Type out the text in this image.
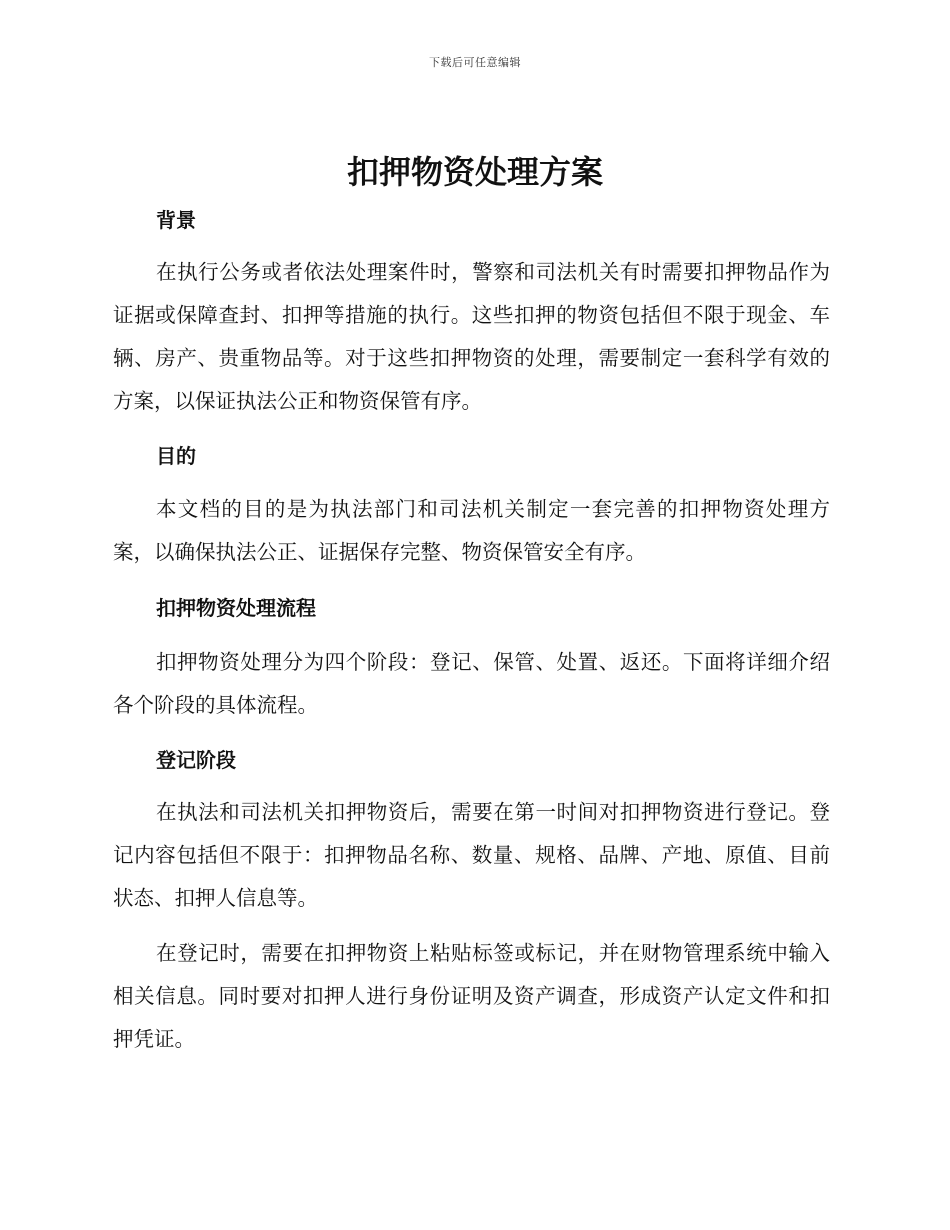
下载后可任意编辑
扣押物资处理方案
背景

在执行公务或者依法处理案件时，警察和司法机关有时需要扣押物品作为证据或保障查封、扣押等措施的执行。这些扣押的物资包括但不限于现金、车辆、房产、贵重物品等。对于这些扣押物资的处理，需要制定一套科学有效的方案，以保证执法公正和物资保管有序。

目的

本文档的目的是为执法部门和司法机关制定一套完善的扣押物资处理方案，以确保执法公正、证据保存完整、物资保管安全有序。

扣押物资处理流程

扣押物资处理分为四个阶段：登记、保管、处置、返还。下面将详细介绍各个阶段的具体流程。

登记阶段

在执法和司法机关扣押物资后，需要在第一时间对扣押物资进行登记。登记内容包括但不限于：扣押物品名称、数量、规格、品牌、产地、原值、目前状态、扣押人信息等。

在登记时，需要在扣押物资上粘贴标签或标记，并在财物管理系统中输入相关信息。同时要对扣押人进行身份证明及资产调查，形成资产认定文件和扣押凭证。
